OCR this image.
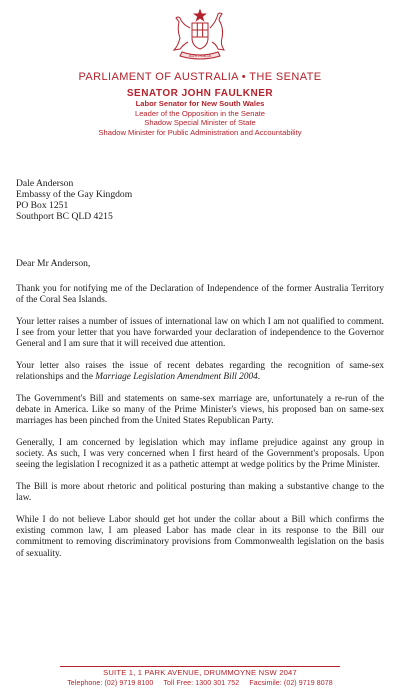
AUSTRALIA
PARLIAMENT OF AUSTRALIA • THE SENATE
SENATOR JOHN FAULKNER
Labor Senator for New South Wales
Leader of the Opposition in the Senate
Shadow Special Minister of State
Shadow Minister for Public Administration and Accountability
Dale Anderson
Embassy of the Gay Kingdom
PO Box 1251
Southport BC QLD 4215
Dear Mr Anderson,

Thank you for notifying me of the Declaration of Independence of the former Australia Territory of the Coral Sea Islands.

Your letter raises a number of issues of international law on which I am not qualified to comment. I see from your letter that you have forwarded your declaration of independence to the Governor General and I am sure that it will received due attention.

Your letter also raises the issue of recent debates regarding the recognition of same-sex relationships and the Marriage Legislation Amendment Bill 2004.

The Government's Bill and statements on same-sex marriage are, unfortunately a re-run of the debate in America. Like so many of the Prime Minister's views, his proposed ban on same-sex marriages has been pinched from the United States Republican Party.

Generally, I am concerned by legislation which may inflame prejudice against any group in society. As such, I was very concerned when I first heard of the Government's proposals. Upon seeing the legislation I recognized it as a pathetic attempt at wedge politics by the Prime Minister.

The Bill is more about rhetoric and political posturing than making a substantive change to the law.

While I do not believe Labor should get hot under the collar about a Bill which confirms the existing common law, I am pleased Labor has made clear in its response to the Bill our commitment to removing discriminatory provisions from Commonwealth legislation on the basis of sexuality.

SUITE 1, 1 PARK AVENUE, DRUMMOYNE NSW 2047
Telephone: (02) 9719 8100 Toll Free: 1300 301 752 Facsimile: (02) 9719 8078
